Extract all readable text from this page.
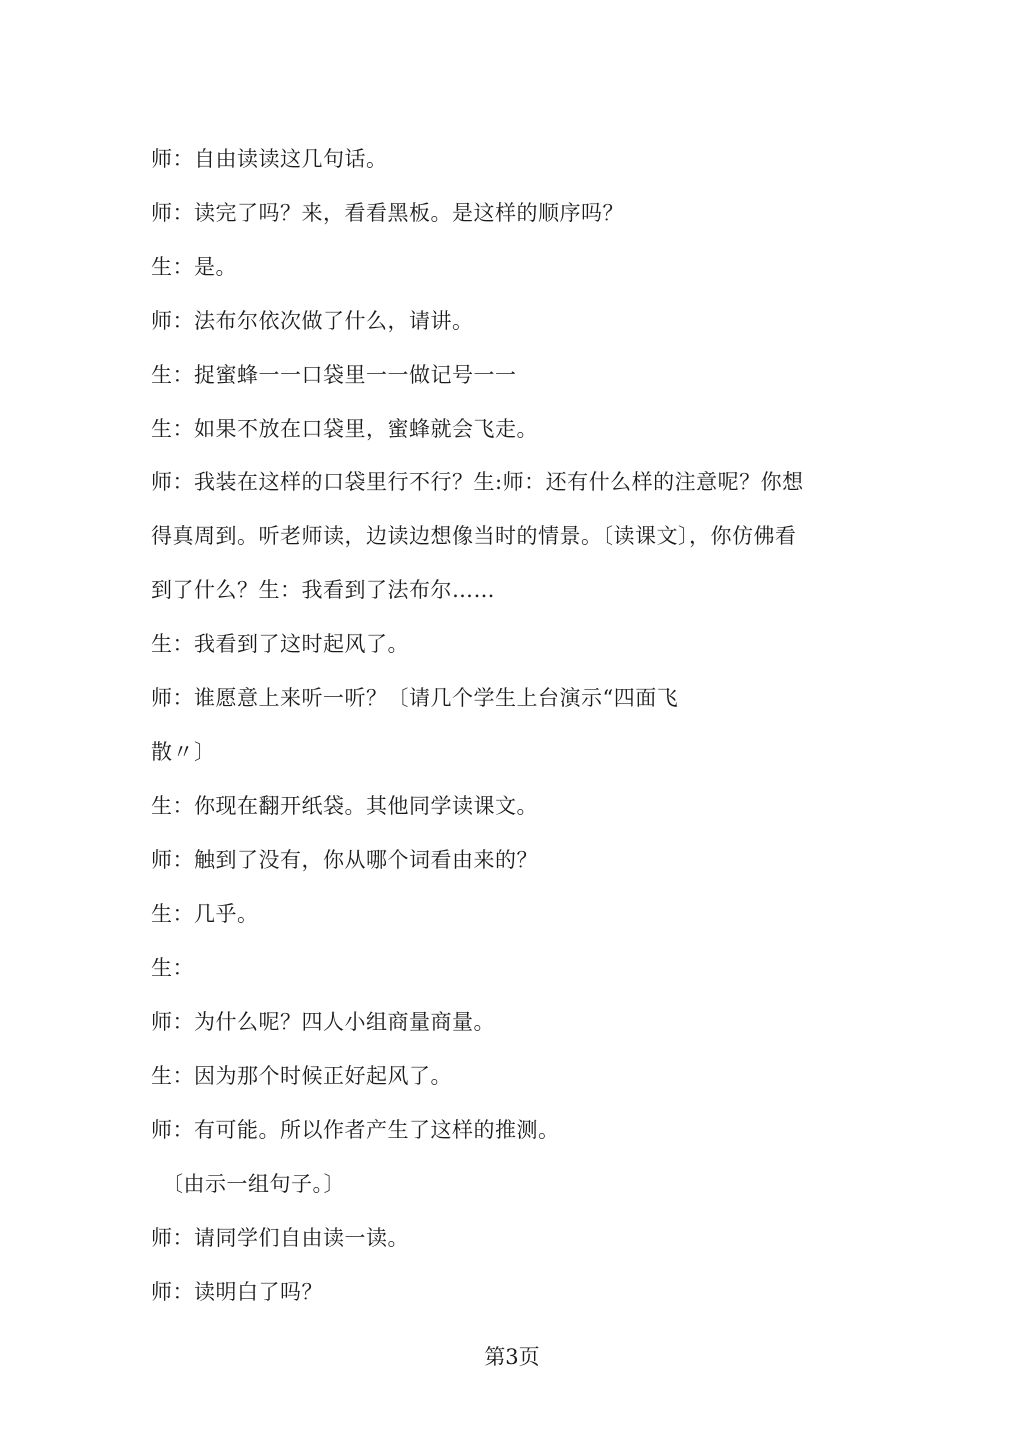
师：自由读读这几句话。
师：读完了吗？来，看看黑板。是这样的顺序吗？
生：是。
师：法布尔依次做了什么，请讲。
生：捉蜜蜂一一口袋里一一做记号一一
生：如果不放在口袋里，蜜蜂就会飞走。
师：我装在这样的口袋里行不行？生:师：还有什么样的注意呢？你想
得真周到。听老师读，边读边想像当时的情景。〔读课文〕，你仿佛看
到了什么？生：我看到了法布尔……
生：我看到了这时起风了。
师：谁愿意上来听一听？〔请几个学生上台演示“四面飞
散〃〕
生：你现在翻开纸袋。其他同学读课文。
师：触到了没有，你从哪个词看由来的？
生：几乎。
生：
师：为什么呢？四人小组商量商量。
生：因为那个时候正好起风了。
师：有可能。所以作者产生了这样的推测。
〔由示一组句子。〕
师：请同学们自由读一读。
师：读明白了吗？
第3页
